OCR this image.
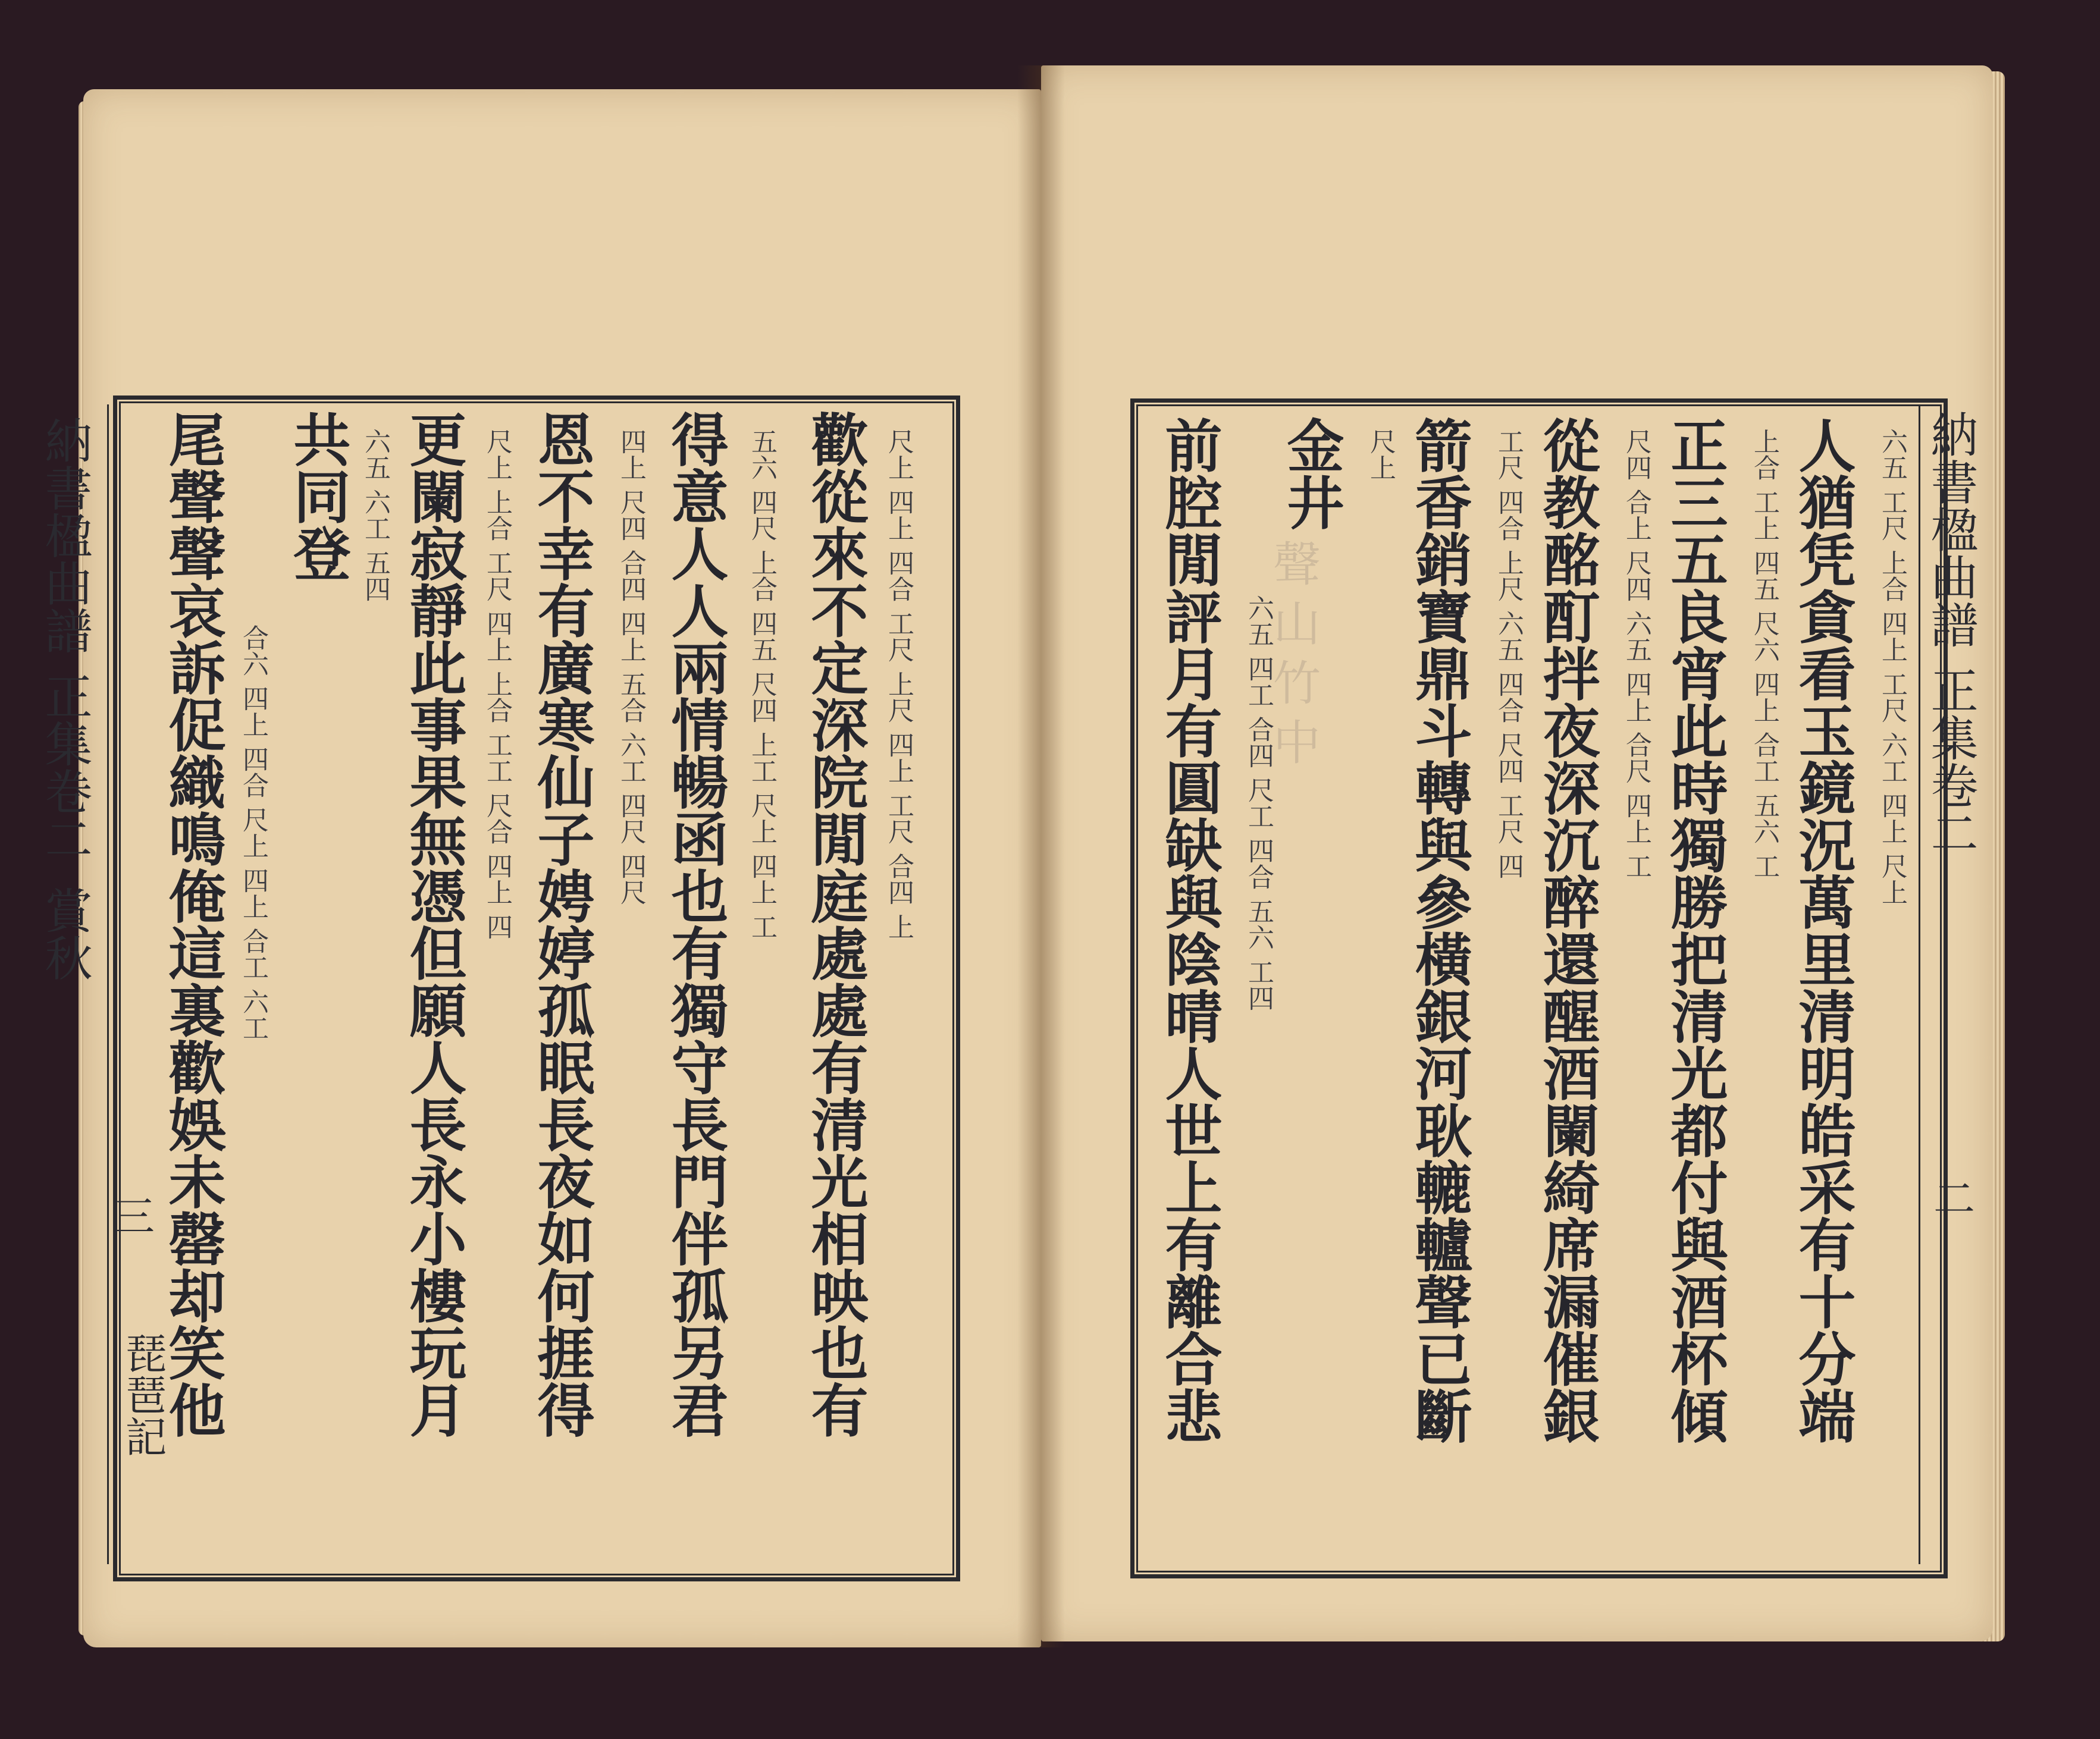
聲
山
竹
中
納書楹曲譜
正集卷二
賞秋
三
琵琶記	歡從來不定深院閒庭處處有清光相映也有
得意人人兩情暢函也有獨守長門伴孤另君
恩不幸有廣寒仙子娉婷孤眠長夜如何捱得
更闌寂靜此事果無憑但願人長永小樓玩月
共同登
尾聲聲哀訴促織鳴俺這裏歡娛未罄却笑他	尺上 四上 四合 工尺 上尺 四上 工尺 合四 上
五六 四尺 上合 四五 尺四 上工 尺上 四上 工
四上 尺四 合四 四上 五合 六工 四尺 四尺
尺上 上合 工尺 四上 上合 工工 尺合 四上 四
六五 六工 五四
合六 四上 四合 尺上 四上 合工 六工
納書楹曲譜
正集卷二
二
人猶凭貪看玉鏡況萬里清明皓采有十分端
正三五良宵此時獨勝把清光都付與酒杯傾
從教酩酊拌夜深沉醉還醒酒闌綺席漏催銀
箭香銷寶鼎斗轉與參橫銀河耿轆轤聲已斷
金井
前腔閒評月有圓缺與陰晴人世上有離合悲	六五 工尺 上合 四上 工尺 六工 四上 尺上
上合 工上 四五 尺六 四上 合工 五六 工
尺四 合上 尺四 六五 四上 合尺 四上 工
工尺 四合 上尺 六五 四合 尺四 工尺 四
尺上
六五 四工 合四 尺工 四合 五六 工四
